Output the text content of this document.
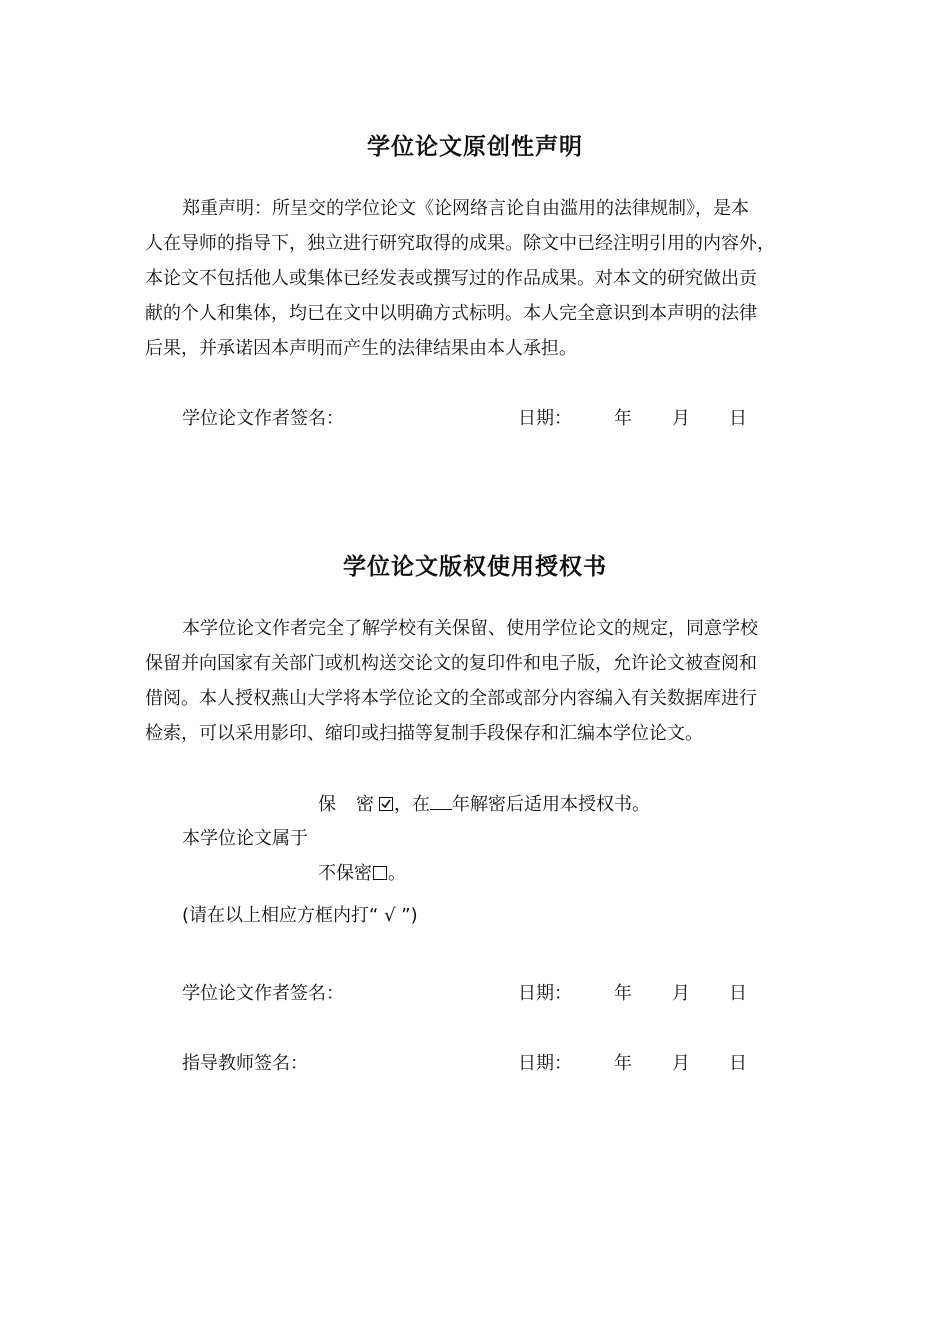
学位论文原创性声明
郑重声明：所呈交的学位论文《论网络言论自由滥用的法律规制》，是本
人在导师的指导下，独立进行研究取得的成果。除文中已经注明引用的内容外，
本论文不包括他人或集体已经发表或撰写过的作品成果。对本文的研究做出贡
献的个人和集体，均已在文中以明确方式标明。本人完全意识到本声明的法律
后果，并承诺因本声明而产生的法律结果由本人承担。
学位论文作者签名：	日期： 年 月 日
学位论文版权使用授权书
本学位论文作者完全了解学校有关保留、使用学位论文的规定，同意学校
保留并向国家有关部门或机构送交论文的复印件和电子版，允许论文被查阅和
借阅。本人授权燕山大学将本学位论文的全部或部分内容编入有关数据库进行
检索，可以采用影印、缩印或扫描等复制手段保存和汇编本学位论文。
保 密 ，在 年解密后适用本授权书。
本学位论文属于
不保密 。
(请在以上相应方框内打“ √ ”)
学位论文作者签名：	日期： 年 月 日
指导教师签名：	日期： 年 月 日
